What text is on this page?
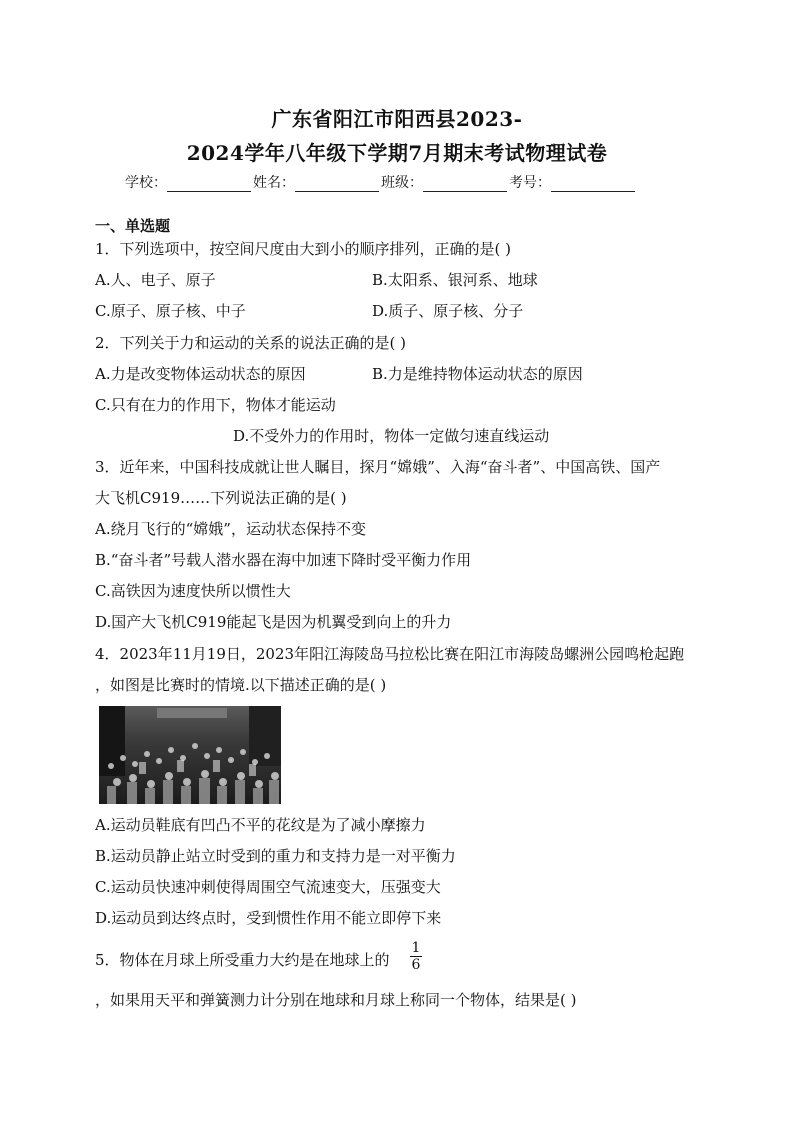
广东省阳江市阳西县2023-
2024学年八年级下学期7月期末考试物理试卷
学校：	姓名：	班级：	考号：
一、单选题
1．下列选项中，按空间尺度由大到小的顺序排列，正确的是( )
A.人、电子、原子	B.太阳系、银河系、地球
C.原子、原子核、中子	D.质子、原子核、分子
2．下列关于力和运动的关系的说法正确的是( )
A.力是改变物体运动状态的原因	B.力是维持物体运动状态的原因
C.只有在力的作用下，物体才能运动
D.不受外力的作用时，物体一定做匀速直线运动
3．近年来，中国科技成就让世人瞩目，探月“嫦娥”、入海“奋斗者”、中国高铁、国产
大飞机C919……下列说法正确的是( )
A.绕月飞行的“嫦娥”，运动状态保持不变
B.“奋斗者”号载人潜水器在海中加速下降时受平衡力作用
C.高铁因为速度快所以惯性大
D.国产大飞机C919能起飞是因为机翼受到向上的升力
4．2023年11月19日，2023年阳江海陵岛马拉松比赛在阳江市海陵岛螺洲公园鸣枪起跑
，如图是比赛时的情境.以下描述正确的是( )
A.运动员鞋底有凹凸不平的花纹是为了减小摩擦力
B.运动员静止站立时受到的重力和支持力是一对平衡力
C.运动员快速冲刺使得周围空气流速变大，压强变大
D.运动员到达终点时，受到惯性作用不能立即停下来
5．物体在月球上所受重力大约是在地球上的 $\frac{1}{6}$
，如果用天平和弹簧测力计分别在地球和月球上称同一个物体，结果是( )
